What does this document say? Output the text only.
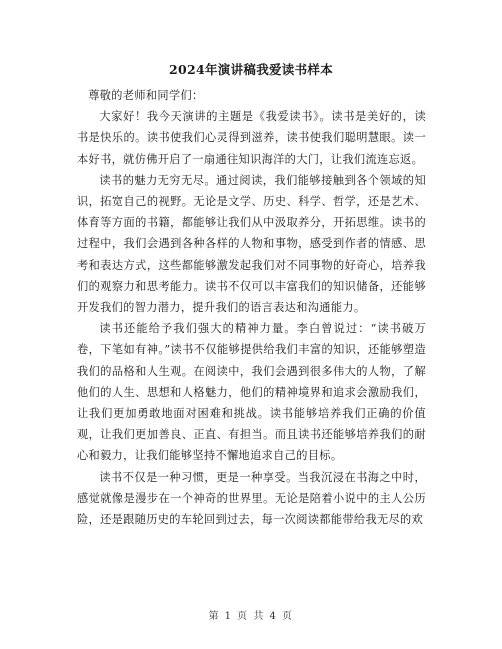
2024年演讲稿我爱读书样本

尊敬的老师和同学们：

大家好！我今天演讲的主题是《我爱读书》。读书是美好的，读书是快乐的。读书使我们心灵得到滋养，读书使我们聪明慧眼。读一本好书，就仿佛开启了一扇通往知识海洋的大门，让我们流连忘返。

读书的魅力无穷无尽。通过阅读，我们能够接触到各个领域的知识，拓宽自己的视野。无论是文学、历史、科学、哲学，还是艺术、体育等方面的书籍，都能够让我们从中汲取养分，开拓思维。读书的过程中，我们会遇到各种各样的人物和事物，感受到作者的情感、思考和表达方式，这些都能够激发起我们对不同事物的好奇心，培养我们的观察力和思考能力。读书不仅可以丰富我们的知识储备，还能够开发我们的智力潜力，提升我们的语言表达和沟通能力。

读书还能给予我们强大的精神力量。李白曾说过：“读书破万卷，下笔如有神。”读书不仅能够提供给我们丰富的知识，还能够塑造我们的品格和人生观。在阅读中，我们会遇到很多伟大的人物，了解他们的人生、思想和人格魅力，他们的精神境界和追求会激励我们，让我们更加勇敢地面对困难和挑战。读书能够培养我们正确的价值观，让我们更加善良、正直、有担当。而且读书还能够培养我们的耐心和毅力，让我们能够坚持不懈地追求自己的目标。

读书不仅是一种习惯，更是一种享受。当我沉浸在书海之中时，感觉就像是漫步在一个神奇的世界里。无论是陪着小说中的主人公历险，还是跟随历史的车轮回到过去，每一次阅读都能带给我无尽的欢

第 1 页 共 4 页
